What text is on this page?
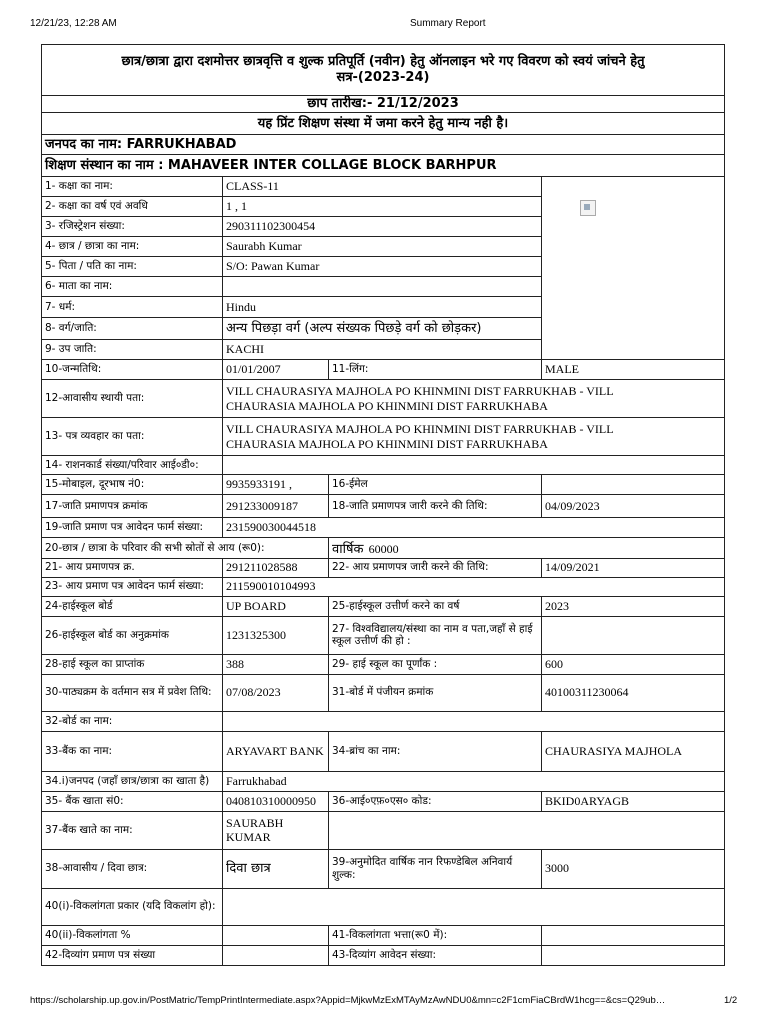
12/21/23, 12:28 AM	Summary Report
छात्र/छात्रा द्वारा दशमोत्तर छात्रवृत्ति व शुल्क प्रतिपूर्ति (नवीन) हेतु ऑनलाइन भरे गए विवरण को स्वयं जांचने हेतु
सत्र-(2023-24)			

छाप तारीख:- 21/12/2023			
यह प्रिंट शिक्षण संस्था में जमा करने हेतु मान्य नही है।			
जनपद का नाम: FARRUKHABAD			
शिक्षण संस्थान का नाम : MAHAVEER INTER COLLAGE BLOCK BARHPUR			
1- कक्षा का नाम:	CLASS-11		
2- कक्षा का वर्ष एवं अवधि	1 , 1		
3- रजिस्ट्रेशन संख्या:	290311102300454		
4- छात्र / छात्रा का नाम:	Saurabh Kumar		
5- पिता / पति का नाम:	S/O: Pawan Kumar		
6- माता का नाम:			
7- धर्म:	Hindu		
8- वर्ग/जाति:	अन्य पिछड़ा वर्ग (अल्प संख्यक पिछड़े वर्ग को छोड़कर)		
9- उप जाति:	KACHI		
10-जन्मतिथि:	01/01/2007	11-लिंग:	MALE
12-आवासीय स्थायी पता:	VILL CHAURASIYA MAJHOLA PO KHINMINI DIST FARRUKHAB - VILL
CHAURASIA MAJHOLA PO KHINMINI DIST FARRUKHABA		

13- पत्र व्यवहार का पता:	VILL CHAURASIYA MAJHOLA PO KHINMINI DIST FARRUKHAB - VILL
CHAURASIA MAJHOLA PO KHINMINI DIST FARRUKHABA		

14- राशनकार्ड संख्या/परिवार आई०डी०:			
15-मोबाइल, दूरभाष नं0:	9935933191 ,	16-ईमेल	
17-जाति प्रमाणपत्र क्रमांक	291233009187	18-जाति प्रमाणपत्र जारी करने की तिथि:	04/09/2023
19-जाति प्रमाण पत्र आवेदन फार्म संख्या:	231590030044518		
20-छात्र / छात्रा के परिवार की सभी स्रोतों से आय (रू0):		वार्षिक 60000	
21- आय प्रमाणपत्र क्र.	291211028588	22- आय प्रमाणपत्र जारी करने की तिथि:	14/09/2021
23- आय प्रमाण पत्र आवेदन फार्म संख्या:	211590010104993		
24-हाईस्कूल बोर्ड	UP BOARD	25-हाईस्कूल उत्तीर्ण करने का वर्ष	2023
26-हाईस्कूल बोर्ड का अनुक्रमांक	1231325300	27- विश्वविद्यालय/संस्था का नाम व पता,जहाँ से हाई स्कूल उत्तीर्ण की हो :	
28-हाई स्कूल का प्राप्तांक	388	29- हाई स्कूल का पूर्णांक :	600
30-पाठ्यक्रम के वर्तमान सत्र में प्रवेश तिथि:	07/08/2023	31-बोर्ड में पंजीयन क्रमांक	40100311230064
32-बोर्ड का नाम:			
33-बैंक का नाम:	ARYAVART BANK	34-ब्रांच का नाम:	CHAURASIYA MAJHOLA
34.i)जनपद (जहाँ छात्र/छात्रा का खाता है)	Farrukhabad		
35- बैंक खाता सं0:	040810310000950	36-आई०एफ़०एस० कोड:	BKID0ARYAGB
37-बैंक खाते का नाम:	SAURABH KUMAR		
38-आवासीय / दिवा छात्र:	दिवा छात्र	39-अनुमोदित वार्षिक नान रिफण्डेबिल अनिवार्य शुल्क:	3000
40(i)-विकलांगता प्रकार (यदि विकलांग हो):			
40(ii)-विकलांगता %		41-विकलांगता भत्ता(रू0 में):	
42-दिव्यांग प्रमाण पत्र संख्या		43-दिव्यांग आवेदन संख्या:	
https://scholarship.up.gov.in/PostMatric/TempPrintIntermediate.aspx?Appid=MjkwMzExMTAyMzAwNDU0&mn=c2F1cmFiaCBrdW1hcg==&cs=Q29ub…	1/2
